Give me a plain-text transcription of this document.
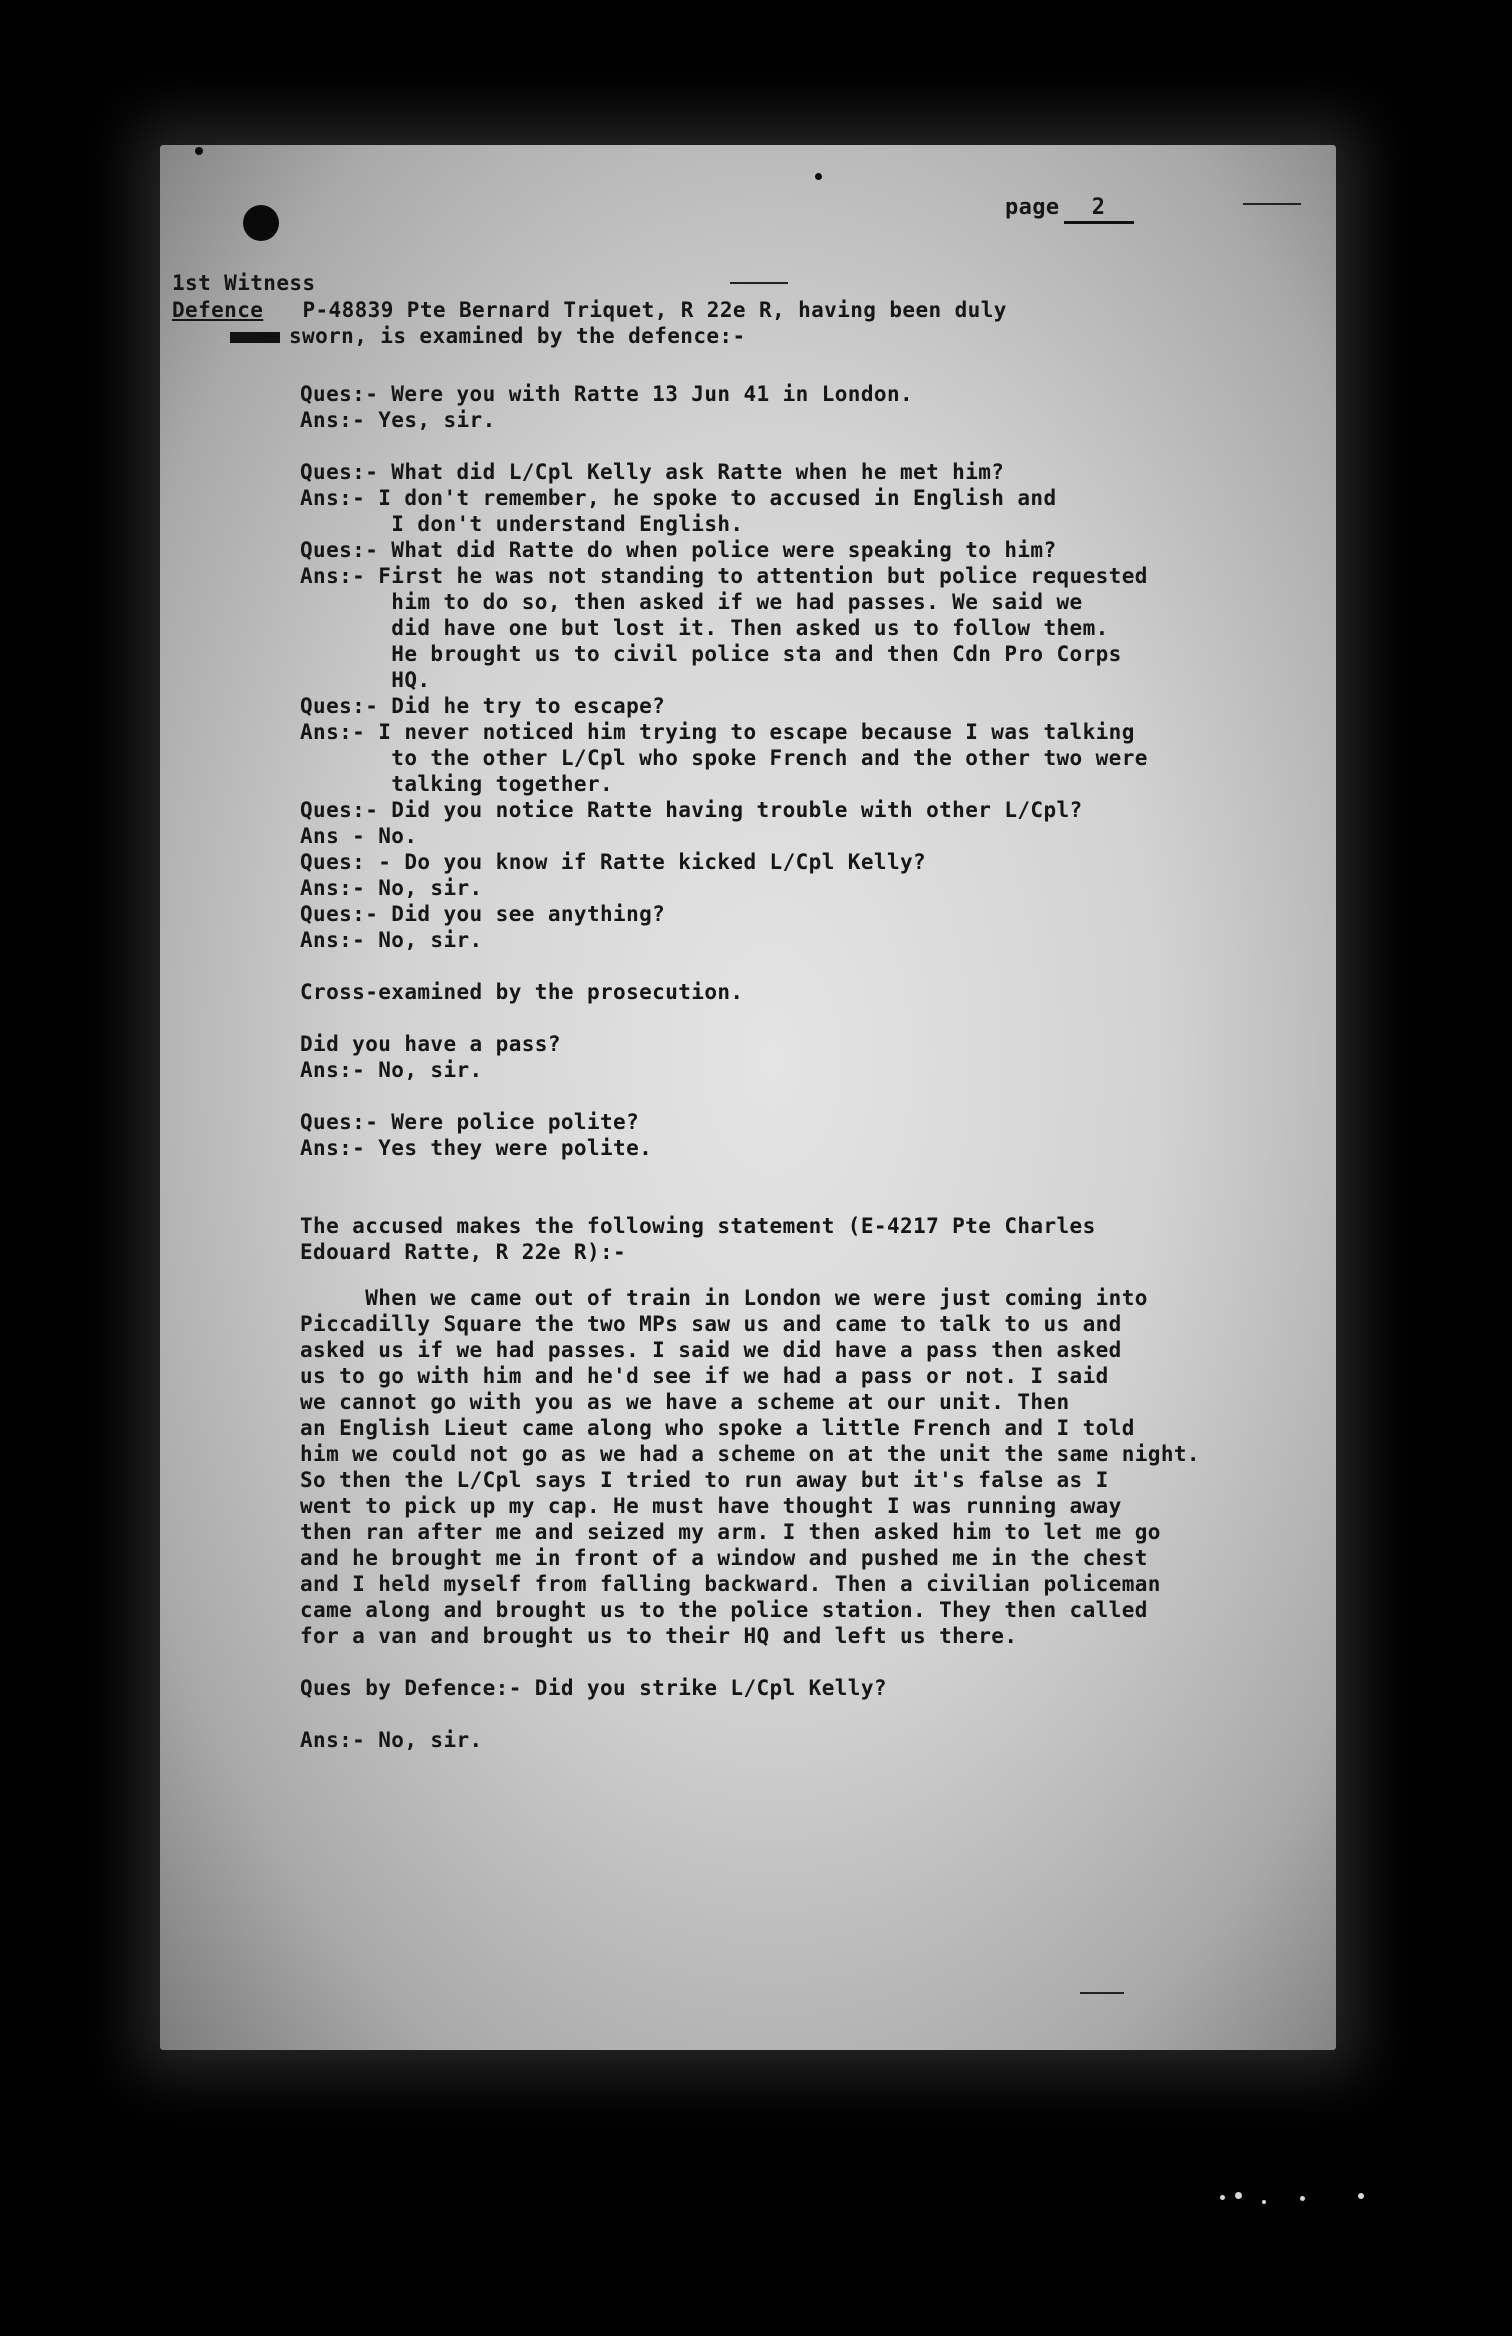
page 2
1st Witness
Defence P-48839 Pte Bernard Triquet, R 22e R, having been duly
sworn, is examined by the defence:-
Ques:- Were you with Ratte 13 Jun 41 in London.
Ans:- Yes, sir.
Ques:- What did L/Cpl Kelly ask Ratte when he met him?
Ans:- I don't remember, he spoke to accused in English and
I don't understand English.
Ques:- What did Ratte do when police were speaking to him?
Ans:- First he was not standing to attention but police requested
him to do so, then asked if we had passes. We said we
did have one but lost it. Then asked us to follow them.
He brought us to civil police sta and then Cdn Pro Corps
HQ.
Ques:- Did he try to escape?
Ans:- I never noticed him trying to escape because I was talking
to the other L/Cpl who spoke French and the other two were
talking together.
Ques:- Did you notice Ratte having trouble with other L/Cpl?
Ans - No.
Ques: - Do you know if Ratte kicked L/Cpl Kelly?
Ans:- No, sir.
Ques:- Did you see anything?
Ans:- No, sir.
Cross-examined by the prosecution.
Did you have a pass?
Ans:- No, sir.
Ques:- Were police polite?
Ans:- Yes they were polite.
The accused makes the following statement (E-4217 Pte Charles
Edouard Ratte, R 22e R):-
When we came out of train in London we were just coming into
Piccadilly Square the two MPs saw us and came to talk to us and
asked us if we had passes. I said we did have a pass then asked
us to go with him and he'd see if we had a pass or not. I said
we cannot go with you as we have a scheme at our unit. Then
an English Lieut came along who spoke a little French and I told
him we could not go as we had a scheme on at the unit the same night.
So then the L/Cpl says I tried to run away but it's false as I
went to pick up my cap. He must have thought I was running away
then ran after me and seized my arm. I then asked him to let me go
and he brought me in front of a window and pushed me in the chest
and I held myself from falling backward. Then a civilian policeman
came along and brought us to the police station. They then called
for a van and brought us to their HQ and left us there.
Ques by Defence:- Did you strike L/Cpl Kelly?
Ans:- No, sir.
